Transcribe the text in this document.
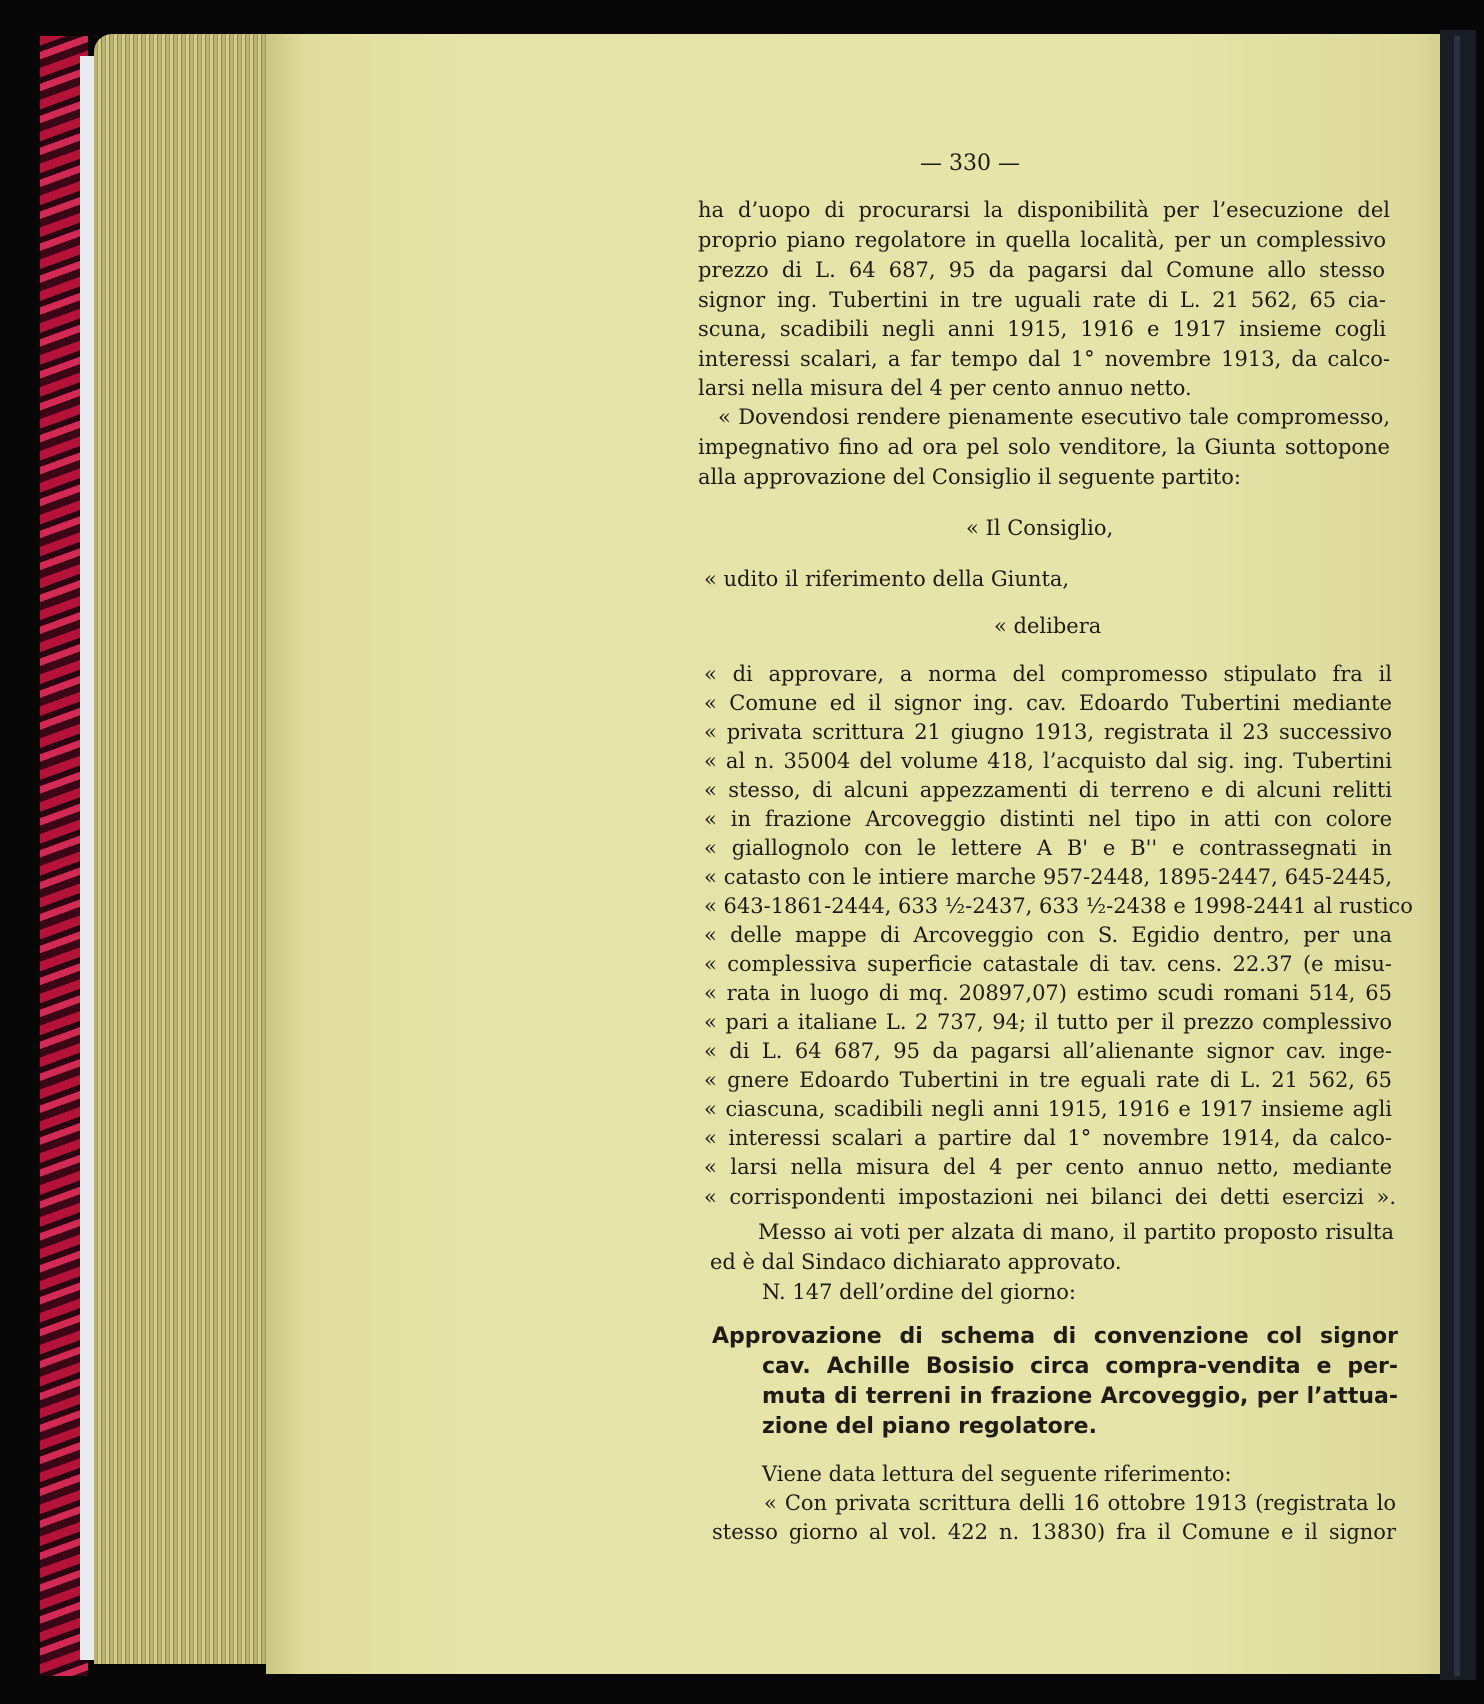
— 330 —
ha d’uopo di procurarsi la disponibilità per l’esecuzione del
proprio piano regolatore in quella località, per un complessivo
prezzo di L. 64 687, 95 da pagarsi dal Comune allo stesso
signor ing. Tubertini in tre uguali rate di L. 21 562, 65 cia-
scuna, scadibili negli anni 1915, 1916 e 1917 insieme cogli
interessi scalari, a far tempo dal 1° novembre 1913, da calco-
larsi nella misura del 4 per cento annuo netto.
« Dovendosi rendere pienamente esecutivo tale compromesso,
impegnativo fino ad ora pel solo venditore, la Giunta sottopone
alla approvazione del Consiglio il seguente partito:
« Il Consiglio,
« udito il riferimento della Giunta,
« delibera
« di approvare, a norma del compromesso stipulato fra il
« Comune ed il signor ing. cav. Edoardo Tubertini mediante
« privata scrittura 21 giugno 1913, registrata il 23 successivo
« al n. 35004 del volume 418, l’acquisto dal sig. ing. Tubertini
« stesso, di alcuni appezzamenti di terreno e di alcuni relitti
« in frazione Arcoveggio distinti nel tipo in atti con colore
« giallognolo con le lettere A B' e B'' e contrassegnati in
« catasto con le intiere marche 957-2448, 1895-2447, 645-2445,
« 643-1861-2444, 633 ½-2437, 633 ½-2438 e 1998-2441 al rustico
« delle mappe di Arcoveggio con S. Egidio dentro, per una
« complessiva superficie catastale di tav. cens. 22.37 (e misu-
« rata in luogo di mq. 20897,07) estimo scudi romani 514, 65
« pari a italiane L. 2 737, 94; il tutto per il prezzo complessivo
« di L. 64 687, 95 da pagarsi all’alienante signor cav. inge-
« gnere Edoardo Tubertini in tre eguali rate di L. 21 562, 65
« ciascuna, scadibili negli anni 1915, 1916 e 1917 insieme agli
« interessi scalari a partire dal 1° novembre 1914, da calco-
« larsi nella misura del 4 per cento annuo netto, mediante
« corrispondenti impostazioni nei bilanci dei detti esercizi ».
Messo ai voti per alzata di mano, il partito proposto risulta
ed è dal Sindaco dichiarato approvato.
N. 147 dell’ordine del giorno:
Approvazione di schema di convenzione col signor
cav. Achille Bosisio circa compra-vendita e per-
muta di terreni in frazione Arcoveggio, per l’attua-
zione del piano regolatore.
Viene data lettura del seguente riferimento:
« Con privata scrittura delli 16 ottobre 1913 (registrata lo
stesso giorno al vol. 422 n. 13830) fra il Comune e il signor
